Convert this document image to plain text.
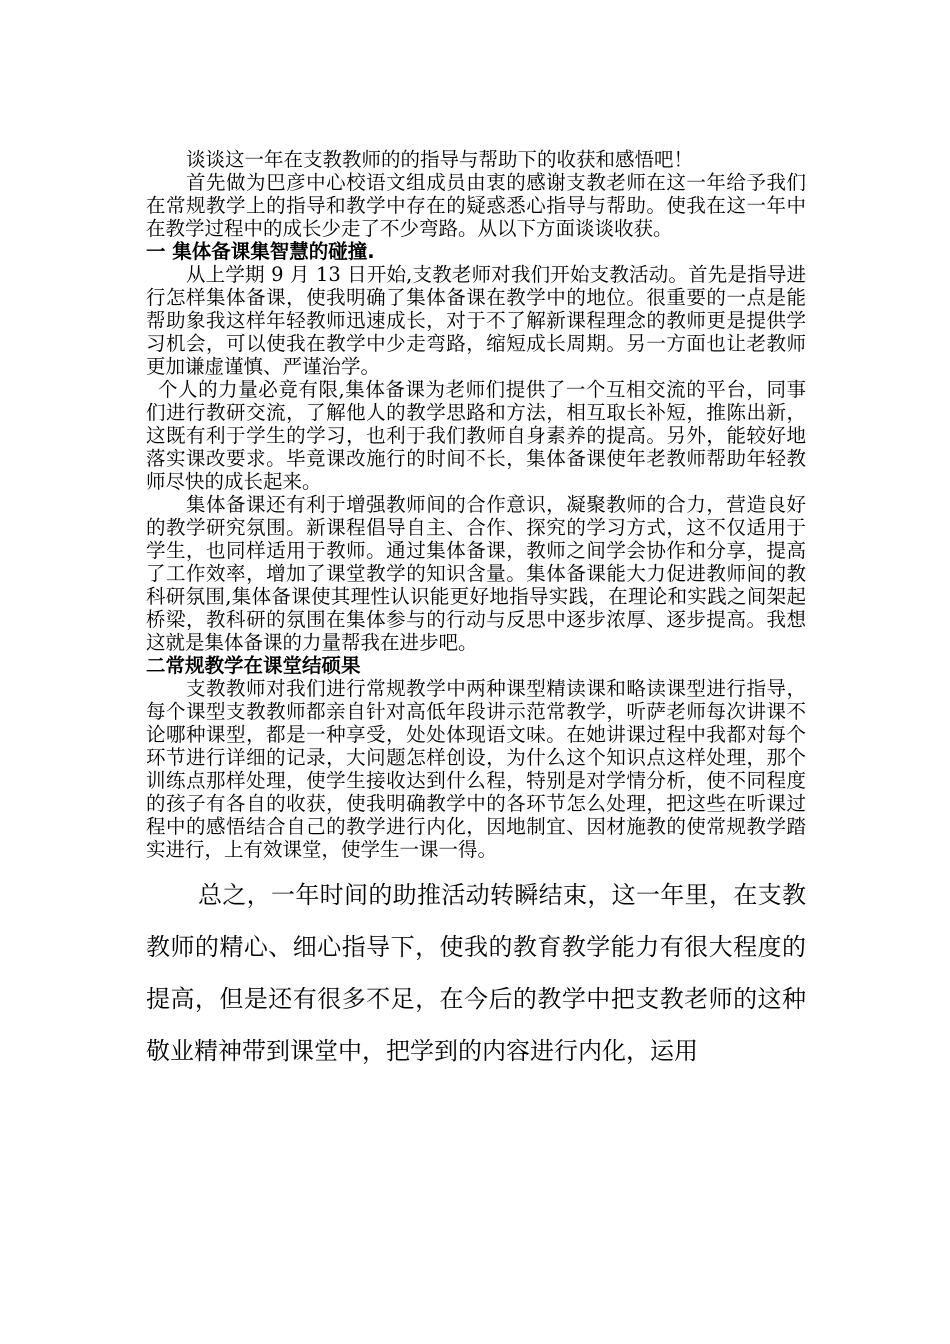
谈谈这一年在支教教师的的指导与帮助下的收获和感悟吧！

首先做为巴彦中心校语文组成员由衷的感谢支教老师在这一年给予我们在常规教学上的指导和教学中存在的疑惑悉心指导与帮助。使我在这一年中在教学过程中的成长少走了不少弯路。从以下方面谈谈收获。

一 集体备课集智慧的碰撞.

从上学期 9 月 13 日开始,支教老师对我们开始支教活动。首先是指导进行怎样集体备课，使我明确了集体备课在教学中的地位。很重要的一点是能帮助象我这样年轻教师迅速成长，对于不了解新课程理念的教师更是提供学习机会，可以使我在教学中少走弯路，缩短成长周期。另一方面也让老教师更加谦虚谨慎、严谨治学。

个人的力量必竟有限,集体备课为老师们提供了一个互相交流的平台，同事们进行教研交流，了解他人的教学思路和方法，相互取长补短，推陈出新，这既有利于学生的学习，也利于我们教师自身素养的提高。另外，能较好地落实课改要求。毕竟课改施行的时间不长，集体备课使年老教师帮助年轻教师尽快的成长起来。

集体备课还有利于增强教师间的合作意识，凝聚教师的合力，营造良好的教学研究氛围。新课程倡导自主、合作、探究的学习方式，这不仅适用于学生，也同样适用于教师。通过集体备课，教师之间学会协作和分享，提高了工作效率，增加了课堂教学的知识含量。集体备课能大力促进教师间的教科研氛围,集体备课使其理性认识能更好地指导实践，在理论和实践之间架起桥梁，教科研的氛围在集体参与的行动与反思中逐步浓厚、逐步提高。我想这就是集体备课的力量帮我在进步吧。

二常规教学在课堂结硕果

支教教师对我们进行常规教学中两种课型精读课和略读课型进行指导，每个课型支教教师都亲自针对高低年段讲示范常教学，听萨老师每次讲课不论哪种课型，都是一种享受，处处体现语文味。在她讲课过程中我都对每个环节进行详细的记录，大问题怎样创设，为什么这个知识点这样处理，那个训练点那样处理，使学生接收达到什么程，特别是对学情分析，使不同程度的孩子有各自的收获，使我明确教学中的各环节怎么处理，把这些在听课过程中的感悟结合自己的教学进行内化，因地制宜、因材施教的使常规教学踏实进行，上有效课堂，使学生一课一得。

总之，一年时间的助推活动转瞬结束，这一年里，在支教教师的精心、细心指导下，使我的教育教学能力有很大程度的提高，但是还有很多不足，在今后的教学中把支教老师的这种敬业精神带到课堂中，把学到的内容进行内化，运用
